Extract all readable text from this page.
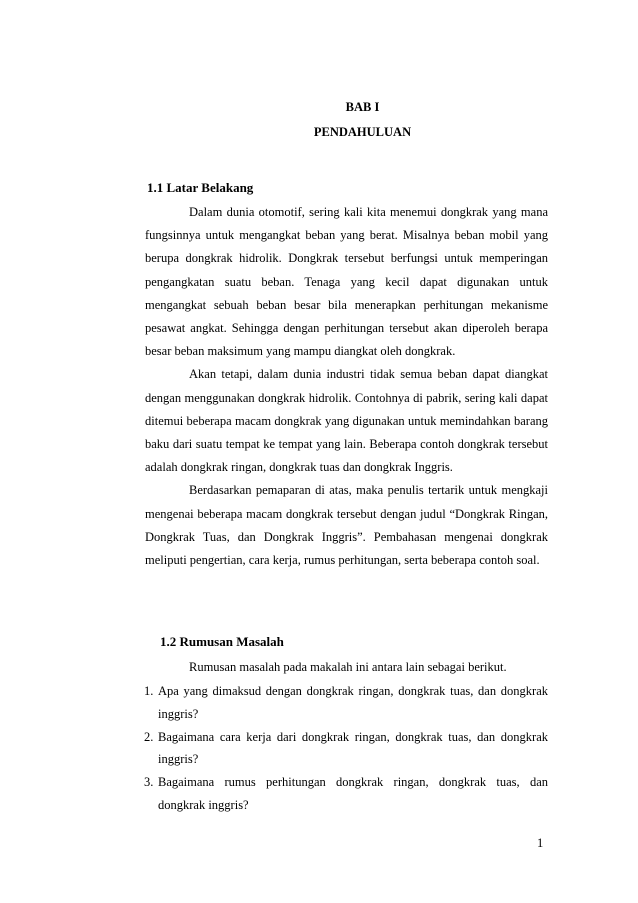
BAB I
PENDAHULUAN
1.1 Latar Belakang

Dalam dunia otomotif, sering kali kita menemui dongkrak yang mana fungsinnya untuk mengangkat beban yang berat. Misalnya beban mobil yang berupa dongkrak hidrolik. Dongkrak tersebut berfungsi untuk memperingan pengangkatan suatu beban. Tenaga yang kecil dapat digunakan untuk mengangkat sebuah beban besar bila menerapkan perhitungan mekanisme pesawat angkat. Sehingga dengan perhitungan tersebut akan diperoleh berapa besar beban maksimum yang mampu diangkat oleh dongkrak.

Akan tetapi, dalam dunia industri tidak semua beban dapat diangkat dengan menggunakan dongkrak hidrolik. Contohnya di pabrik, sering kali dapat ditemui beberapa macam dongkrak yang digunakan untuk memindahkan barang baku dari suatu tempat ke tempat yang lain. Beberapa contoh dongkrak tersebut adalah dongkrak ringan, dongkrak tuas dan dongkrak Inggris.

Berdasarkan pemaparan di atas, maka penulis tertarik untuk mengkaji mengenai beberapa macam dongkrak tersebut dengan judul “Dongkrak Ringan, Dongkrak Tuas, dan Dongkrak Inggris”. Pembahasan mengenai dongkrak meliputi pengertian, cara kerja, rumus perhitungan, serta beberapa contoh soal.

1.2 Rumusan Masalah

Rumusan masalah pada makalah ini antara lain sebagai berikut.

1. Apa yang dimaksud dengan dongkrak ringan, dongkrak tuas, dan dongkrak inggris?
2. Bagaimana cara kerja dari dongkrak ringan, dongkrak tuas, dan dongkrak inggris?
3. Bagaimana rumus perhitungan dongkrak ringan, dongkrak tuas, dan dongkrak inggris?
1
